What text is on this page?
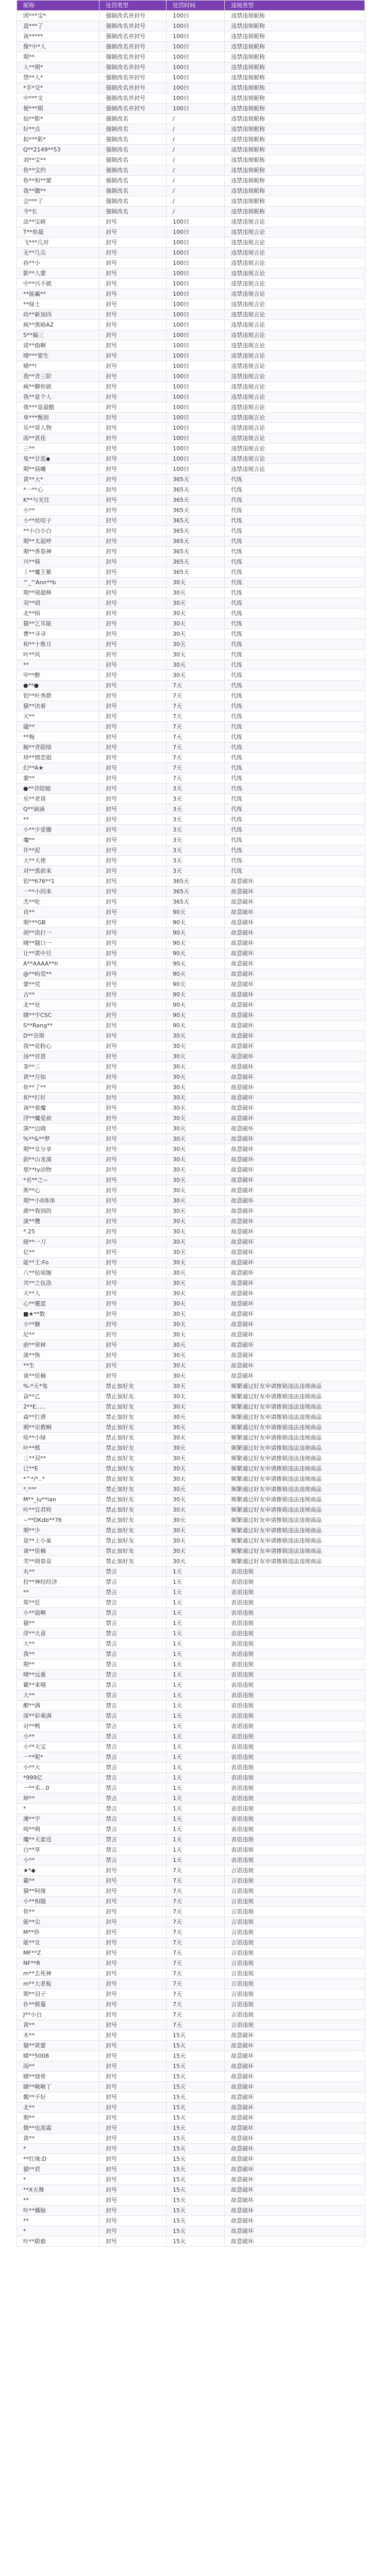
昵称	处罚类型	处罚时间	违规类型
团***宝*	强制改名并封号	100日	违禁违规昵称
逍***了	强制改名并封号	100日	违禁违规昵称
谈*****	强制改名并封号	100日	违禁违规昵称
像*中*人	强制改名并封号	100日	违禁违规昵称
期**	强制改名并封号	100日	违禁违规昵称
人**期*	强制改名并封号	100日	违禁违规昵称
禁**人*	强制改名并封号	100日	违禁违规昵称
*手*交*	强制改名并封号	100日	违禁违规昵称
中***文	强制改名并封号	100日	违禁违规昵称
便***期	强制改名并封号	100日	违禁违规昵称
仙**影*	强制改名	/	违禁违规昵称
好**点	强制改名	/	违禁违规昵称
拟***影*	强制改名	/	违禁违规昵称
Q**2149**53	强制改名	/	违禁违规昵称
刘**宝**	强制改名	/	违禁违规昵称
你**宝约	强制改名	/	违禁违规昵称
你**和**蒙	强制改名	/	违禁违规昵称
我**撒**	强制改名	/	违禁违规昵称
会***了	强制改名	/	违禁违规昵称
令*长	强制改名	/	违禁违规昵称
法**宝峡	封号	100日	违禁违规言论
T**你最	封号	100日	违禁违规言论
飞***几对	封号	100日	违禁违规言论
无**几尖	封号	100日	违禁违规言论
孙**小	封号	100日	违禁违规言论
影**人蒙	封号	100日	违禁违规言论
中**兴不就	封号	100日	违禁违规言论
**能赢**	封号	100日	违禁违规言论
**绿士	封号	100日	违禁违规言论
幼**新加四	封号	100日	违禁违规言论
疯**黑暗AZ	封号	100日	违禁违规言论
S**偏三	封号	100日	违禁违规言论
诺**曲啊	封号	100日	违禁违规言论
晴***要生	封号	100日	违禁违规言论
赌**!	封号	100日	违禁违规言论
我**青三阶	封号	100日	违禁违规言论
疯**聊你就	封号	100日	违禁违规言论
我**是个人	封号	100日	违禁违规言论
我***是最酷	封号	100日	违禁违规言论
单***甄别	封号	100日	违禁违规言论
乐**哥人物	封号	100日	违禁违规言论
雨**甚佳	封号	100日	违禁违规言论
三**	封号	100日	违禁违规言论
兔**甘蓝◆	封号	100日	违禁违规言论
期**晨曦	封号	100日	违禁违规言论
黄**大*	封号	365天	代练
*一**心	封号	365天	代练
K**与光住	封号	365天	代练
小**	封号	365天	代练
小**丝咬子	封号	365天	代练
**小白小白	封号	365天	代练
期**太起呼	封号	365天	代练
期**香春神	封号	365天	代练
兴**骑	封号	365天	代练
丨**魔王紫	封号	365天	代练
^_^Ann**b	封号	30天	代练
期**现超棒	封号	30天	代练
双**胡	封号	30天	代练
北**柏	封号	30天	代练
猫**乞耳能	封号	30天	代练
曹**寻寻	封号	30天	代练
和**十维月	封号	30天	代练
叶**风	封号	30天	代练
**	封号	30天	代练
甲**醉	封号	30天	代练
●**●	封号	7天	代练
铝**叶秀群	封号	7天	代练
猫**决着	封号	7天	代练
天**	封号	7天	代练
磕**	封号	7天	代练
**梅	封号	7天	代练
鲸**青联络	封号	7天	代练
珍**情恋姐	封号	7天	代练
幻**A★	封号	7天	代练
蒙**	封号	7天	代练
●**音陪她	封号	3天	代练
乐**老哥	封号	3天	代练
Q**滴滴	封号	3天	代练
**	封号	3天	代练
小**少爱姗	封号	3天	代练
魔**	封号	3天	代练
诈**泥	封号	3天	代练
大**天使	封号	3天	代练
对**黑前来	封号	3天	代练
铝**676**1	封号	365天	故意破坏
一**小回来	封号	365天	故意破坏
杰**吃	封号	365天	故意破坏
肖**	封号	90天	故意破坏
期***GB	封号	90天	故意破坏
胡**流打一	封号	90天	故意破坏
晴**题口一	封号	90天	故意破坏
让**黄中旦	封号	90天	故意破坏
A**AAAA**h	封号	90天	故意破坏
@**屿荒**	封号	90天	故意破坏
蒙**荒	封号	90天	故意破坏
古**	封号	90天	故意破坏
北**处	封号	90天	故意破坏
睛**宇CSC	封号	90天	故意破坏
S**Rang**	封号	90天	故意破坏
D**奈斯	封号	30天	故意破坏
我**花粉心	封号	30天	故意破坏
汤**首恩	封号	30天	故意破坏
茶**三	封号	30天	故意破坏
黄**月如	封号	30天	故意破坏
你**了**	封号	30天	故意破坏
和**打好	封号	30天	故意破坏
谈**着魔	封号	30天	故意破坏
浮**魔爱前	封号	30天	故意破坏
演**边晓	封号	30天	故意破坏
%**&**梦	封号	30天	故意破坏
期**女分享	封号	30天	故意破坏
韵**山龙漠	封号	30天	故意破坏
那**ty动物	封号	30天	故意破坏
*若**之~	封号	30天	故意破坏
斯**心	封号	30天	故意破坏
期**小0体体	封号	30天	故意破坏
颜**我别的	封号	30天	故意破坏
演**鹰	封号	30天	故意破坏
*.25	封号	30天	故意破坏
暗**一刀	封号	30天	故意破坏
亿**	封号	30天	故意破坏
能**王:Fo	封号	30天	故意破坏
八**钻尾缠	封号	30天	故意破坏
共**之伍洛	封号	30天	故意破坏
天**人	封号	30天	故意破坏
心**覆蓝	封号	30天	故意破坏
■★**数	封号	30天	故意破坏
小**糖	封号	30天	故意破坏
尼**	封号	30天	故意破坏
前**荣林	封号	30天	故意破坏
演**恢	封号	30天	故意破坏
**生	封号	30天	故意破坏
谈**佳楠	封号	30天	故意破坏
%-*天*兔	禁止加好友	30天	频繁通过好友申请推销违法违规商品
奋**乙	禁止加好友	30天	频繁通过好友申请推销违法违规商品
2**E.....	禁止加好友	30天	频繁通过好友申请推销违法违规商品
森**打滑	禁止加好友	30天	频繁通过好友申请推销违法违规商品
期**宗教啊	禁止加好友	30天	频繁通过好友申请推销违法违规商品
哈**小绿	禁止加好友	30天	频繁通过好友申请推销违法违规商品
叶**熊	禁止加好友	30天	频繁通过好友申请推销违法违规商品
三**双**	禁止加好友	30天	频繁通过好友申请推销违法违规商品
已**E	禁止加好友	30天	频繁通过好友申请推销违法违规商品
*^*/*..*	禁止加好友	30天	频繁通过好友申请推销违法违规商品
*.***	禁止加好友	30天	频繁通过好友申请推销违法违规商品
M**_lu**ian	禁止加好友	30天	频繁通过好友申请推销违法违规商品
叶**宜君呀	禁止加好友	30天	频繁通过好友申请推销违法违规商品
~**DKdb**76	禁止加好友	30天	频繁通过好友申请推销违法违规商品
期**少	禁止加好友	30天	频繁通过好友申请推销违法违规商品
是**上小巢	禁止加好友	30天	频繁通过好友申请推销违法违规商品
谈**佳楠	禁止加好友	30天	频繁通过好友申请推销违法违规商品
芙**胡春苗	禁止加好友	30天	频繁通过好友申请推销违法违规商品
丸**	禁言	1天	表语违规
拉**神经经济	禁言	1天	表语违规
**	禁言	1天	表语违规
郑**狂	禁言	1天	表语违规
小**追啊	禁言	1天	表语违规
猫**	禁言	1天	表语违规
浮**大喜	禁言	1天	表语违规
大**	禁言	1天	表语违规
我**	禁言	1天	表语违规
期**	禁言	1天	表语违规
晴**远重	禁言	1天	表语违规
霸**来哦	禁言	1天	表语违规
大**	禁言	1天	表语违规
醉**满	禁言	1天	表语违规
深**彩乘满	禁言	1天	表语违规
对**鸭	禁言	1天	表语违规
小**	禁言	1天	表语违规
小**天宝	禁言	1天	表语违规
一**呢*	禁言	1天	表语违规
小**大	禁言	1天	表语违规
*999亿	禁言	1天	表语违规
一**禾...0	禁言	1天	表语违规
坤**	禁言	1天	表语违规
*	禁言	1天	表语违规
滩**宇	禁言	1天	表语违规
吨**萌	禁言	1天	表语违规
魔**天套送	禁言	1天	表语违规
白**萃	禁言	1天	表语违规
小**	禁言	1天	表语违规
★*◆	封号	7天	言语违规
霸**	封号	7天	言语违规
猫**阿缘	封号	7天	言语违规
小**相随	封号	7天	言语违规
你**	封号	7天	言语违规
能**尖	封号	7天	言语违规
M**妙	封号	7天	言语违规
能**女	封号	7天	言语违规
MF**Z	封号	7天	言语违规
NF**R	封号	7天	言语违规
m**去死神	封号	7天	言语违规
m**大老板	封号	7天	言语违规
期**羽子	封号	7天	言语违规
扑**熊蔓	封号	7天	言语违规
J**小白	封号	7天	言语违规
黄**	封号	7天	言语违规
木**	封号	15天	故意破坏
猫**黄蒙	封号	15天	故意破坏
睛**5008	封号	15天	故意破坏
雨**	封号	15天	故意破坏
睛**烧骨	封号	15天	故意破坏
睛**啾啾丁	封号	15天	故意破坏
瓢**不好	封号	15天	故意破坏
北**	封号	15天	故意破坏
期**	封号	15天	故意破坏
微**也流霜	封号	15天	故意破坏
黄**	封号	15天	故意破坏
*	封号	15天	故意破坏
**红缘:D	封号	15天	故意破坏
猫**君	封号	15天	故意破坏
*	封号	15天	故意破坏
**X天舞	封号	15天	故意破坏
**	封号	15天	故意破坏
叶**播脉	封号	15天	故意破坏
**	封号	15天	故意破坏
*	封号	15天	故意破坏
叶**蔚毅	封号	15天	故意破坏
